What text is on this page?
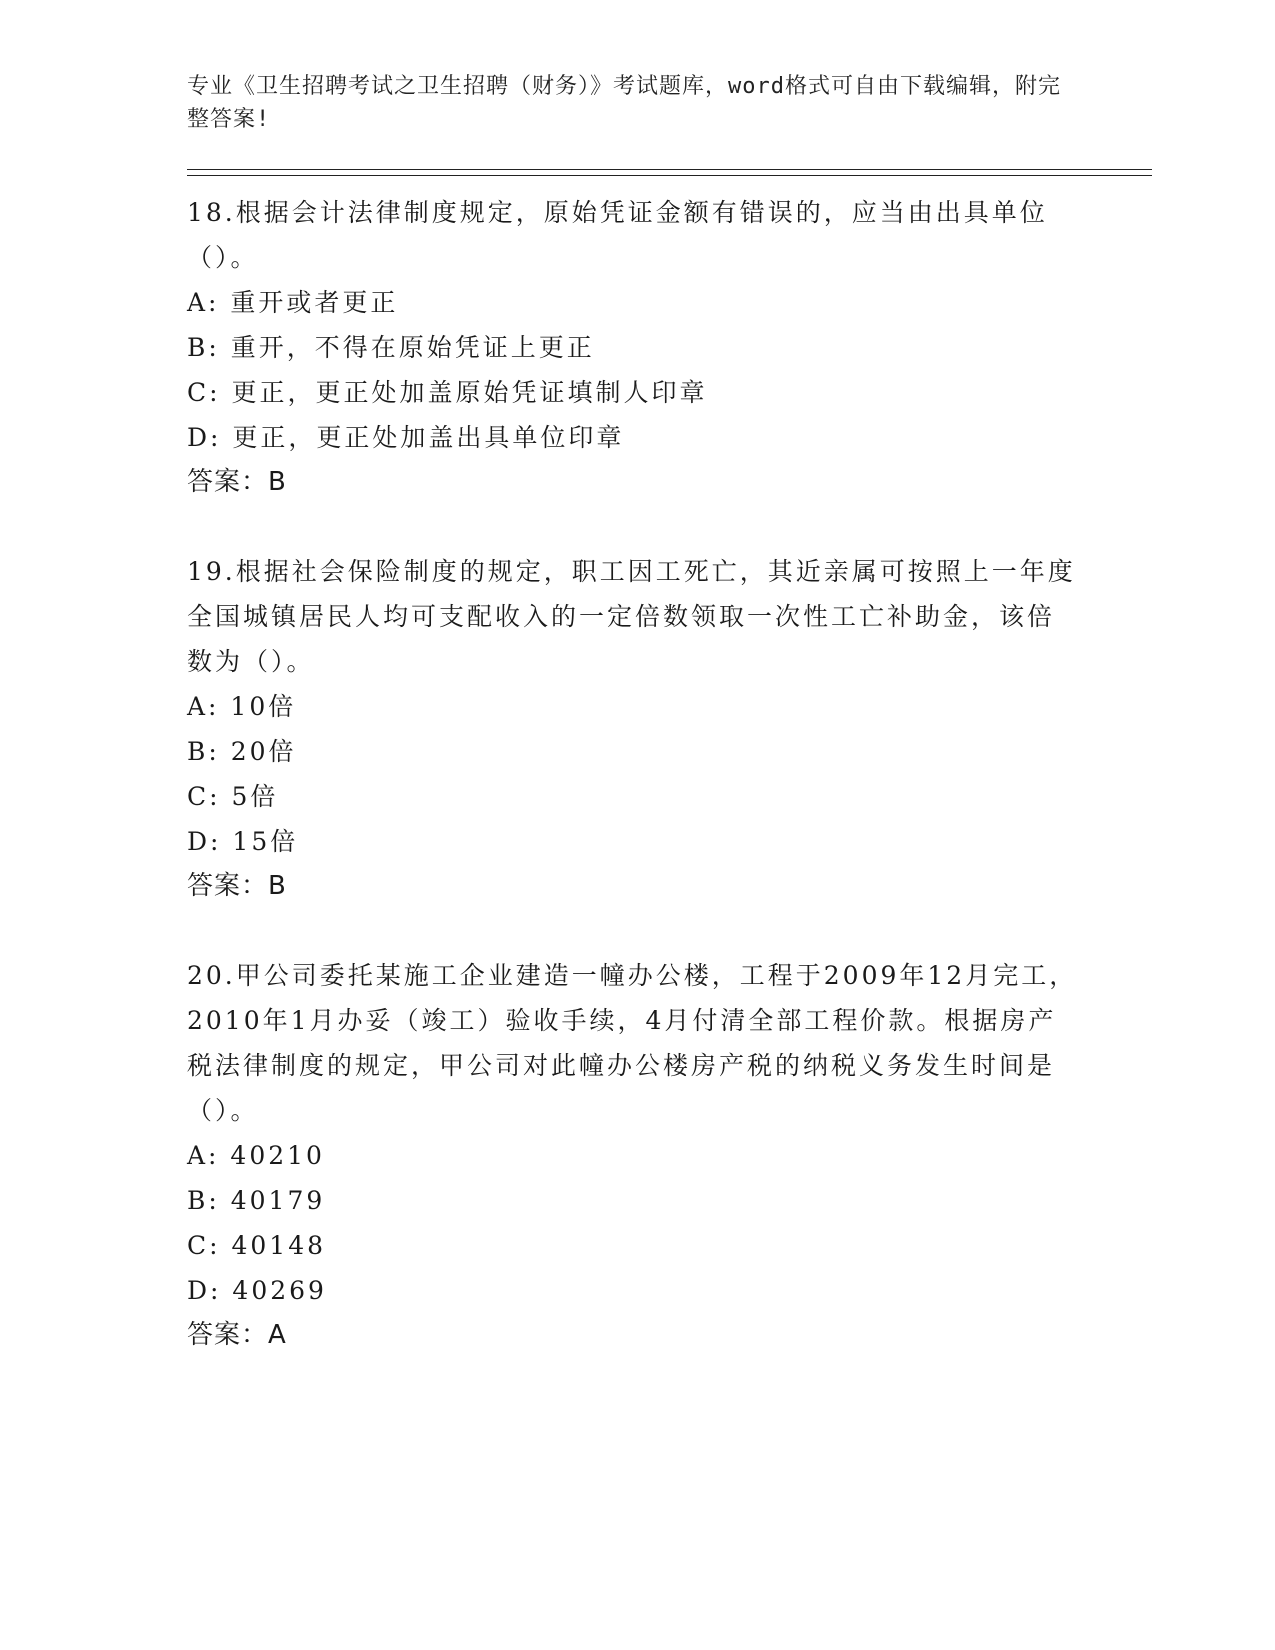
专业《卫生招聘考试之卫生招聘（财务）》考试题库，word格式可自由下载编辑，附完整答案!

18.根据会计法律制度规定，原始凭证金额有错误的，应当由出具单位（）。

A: 重开或者更正

B: 重开，不得在原始凭证上更正

C: 更正，更正处加盖原始凭证填制人印章

D: 更正，更正处加盖出具单位印章

答案：B

19.根据社会保险制度的规定，职工因工死亡，其近亲属可按照上一年度全国城镇居民人均可支配收入的一定倍数领取一次性工亡补助金，该倍数为（）。

A: 10倍

B: 20倍

C: 5倍

D: 15倍

答案：B

20.甲公司委托某施工企业建造一幢办公楼，工程于2009年12月完工，2010年1月办妥（竣工）验收手续，4月付清全部工程价款。根据房产税法律制度的规定，甲公司对此幢办公楼房产税的纳税义务发生时间是（）。

A: 40210

B: 40179

C: 40148

D: 40269

答案：A
